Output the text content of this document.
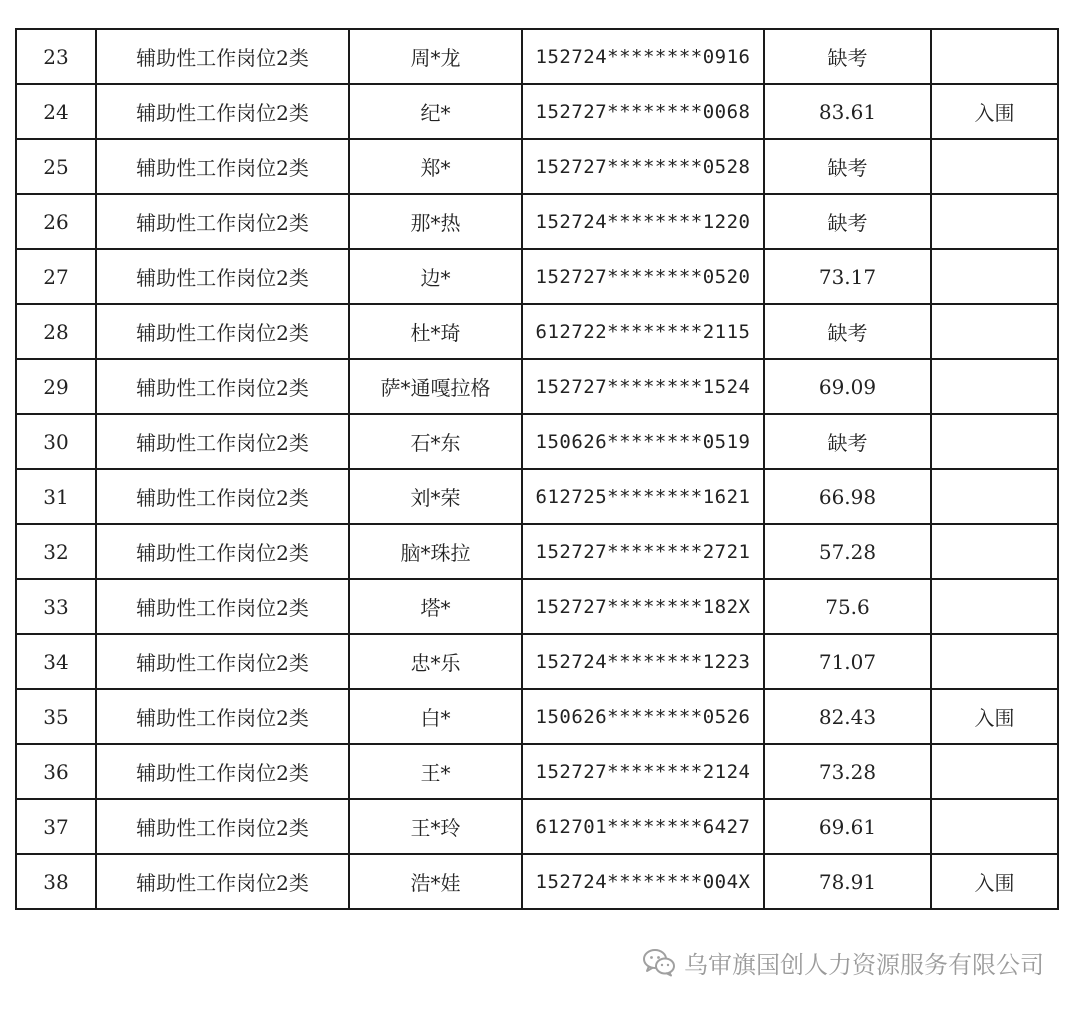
23	辅助性工作岗位2类	周*龙	152724********0916	缺考	
24	辅助性工作岗位2类	纪*	152727********0068	83.61	入围
25	辅助性工作岗位2类	郑*	152727********0528	缺考	
26	辅助性工作岗位2类	那*热	152724********1220	缺考	
27	辅助性工作岗位2类	边*	152727********0520	73.17	
28	辅助性工作岗位2类	杜*琦	612722********2115	缺考	
29	辅助性工作岗位2类	萨*通嘎拉格	152727********1524	69.09	
30	辅助性工作岗位2类	石*东	150626********0519	缺考	
31	辅助性工作岗位2类	刘*荣	612725********1621	66.98	
32	辅助性工作岗位2类	脑*珠拉	152727********2721	57.28	
33	辅助性工作岗位2类	塔*	152727********182X	75.6	
34	辅助性工作岗位2类	忠*乐	152724********1223	71.07	
35	辅助性工作岗位2类	白*	150626********0526	82.43	入围
36	辅助性工作岗位2类	王*	152727********2124	73.28	
37	辅助性工作岗位2类	王*玲	612701********6427	69.61	
38	辅助性工作岗位2类	浩*娃	152724********004X	78.91	入围
乌审旗国创人力资源服务有限公司
